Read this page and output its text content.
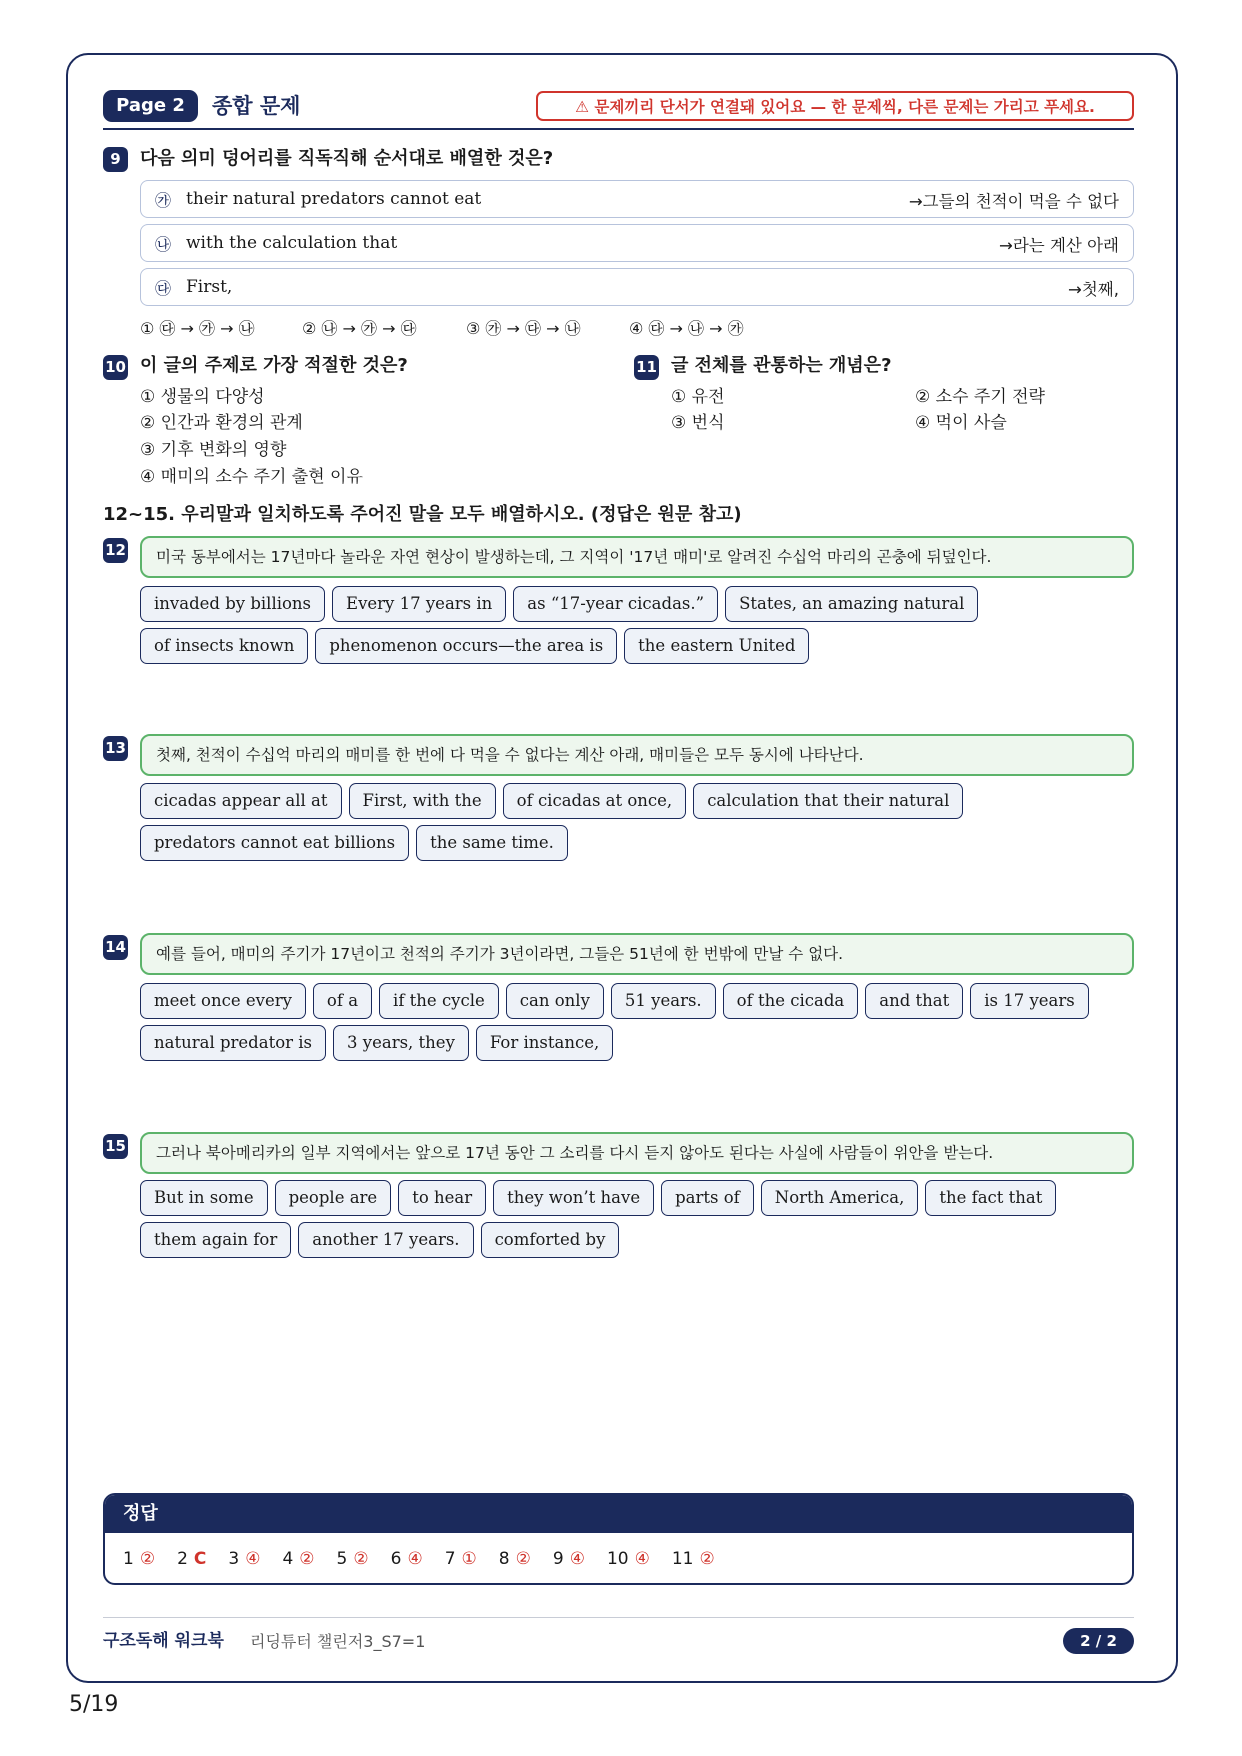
Page 2	종합 문제	⚠ 문제끼리 단서가 연결돼 있어요 — 한 문제씩, 다른 문제는 가리고 푸세요.
9	다음 의미 덩어리를 직독직해 순서대로 배열한 것은?
㉮ their natural predators cannot eat	→그들의 천적이 먹을 수 없다
㉯ with the calculation that	→라는 계산 아래
㉰ First,	→첫째,
① ㉰ → ㉮ → ㉯	② ㉯ → ㉮ → ㉰	③ ㉮ → ㉰ → ㉯	④ ㉰ → ㉯ → ㉮
10 이 글의 주제로 가장 적절한 것은?
① 생물의 다양성
② 인간과 환경의 관계
③ 기후 변화의 영향
④ 매미의 소수 주기 출현 이유
11 글 전체를 관통하는 개념은?
① 유전	② 소수 주기 전략
③ 번식	④ 먹이 사슬
12~15. 우리말과 일치하도록 주어진 말을 모두 배열하시오. (정답은 원문 참고)
12	미국 동부에서는 17년마다 놀라운 자연 현상이 발생하는데, 그 지역이 '17년 매미'로 알려진 수십억 마리의 곤충에 뒤덮인다.
invaded by billions	Every 17 years in	as “17-year cicadas.”	States, an amazing natural
of insects known	phenomenon occurs—the area is	the eastern United
13	첫째, 천적이 수십억 마리의 매미를 한 번에 다 먹을 수 없다는 계산 아래, 매미들은 모두 동시에 나타난다.
cicadas appear all at	First, with the	of cicadas at once,	calculation that their natural
predators cannot eat billions	the same time.
14	예를 들어, 매미의 주기가 17년이고 천적의 주기가 3년이라면, 그들은 51년에 한 번밖에 만날 수 없다.
meet once every	of a	if the cycle	can only	51 years.	of the cicada	and that	is 17 years
natural predator is	3 years, they	For instance,
15	그러나 북아메리카의 일부 지역에서는 앞으로 17년 동안 그 소리를 다시 듣지 않아도 된다는 사실에 사람들이 위안을 받는다.
But in some	people are	to hear	they won’t have	parts of	North America,	the fact that
them again for	another 17 years.	comforted by
정답
1 ② 2 C 3 ④ 4 ② 5 ② 6 ④ 7 ① 8 ② 9 ④ 10 ④ 11 ②
구조독해 워크북 리딩튜터 챌린저3_S7=1	2 / 2
5/19
